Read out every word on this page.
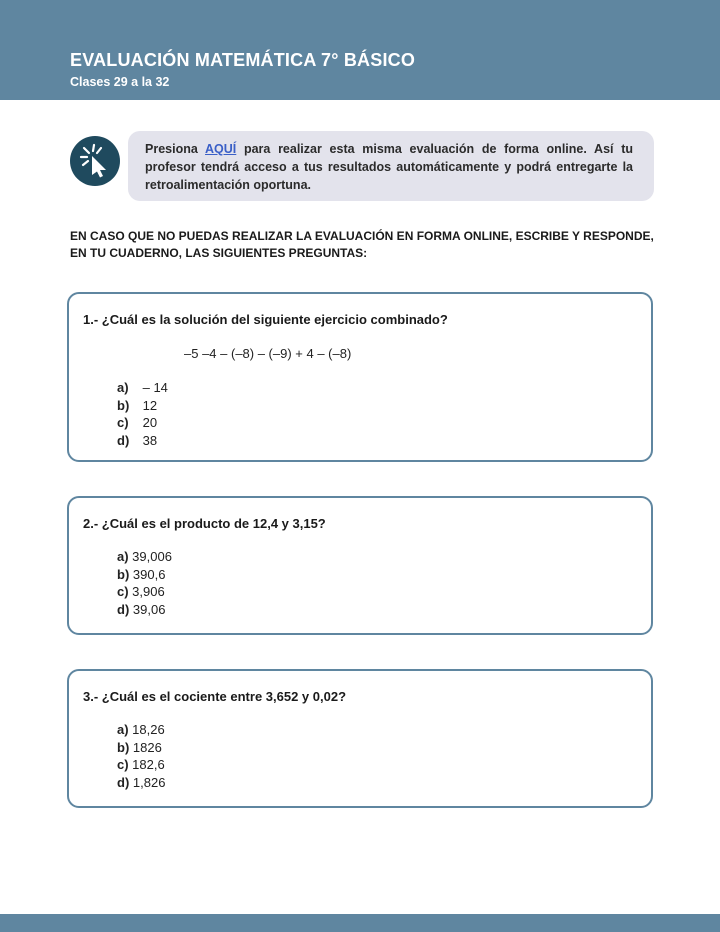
EVALUACIÓN MATEMÁTICA 7° BÁSICO
Clases 29 a la 32
Presiona AQUÍ para realizar esta misma evaluación de forma online. Así tu profesor tendrá acceso a tus resultados automáticamente y podrá entregarte la retroalimentación oportuna.
EN CASO QUE NO PUEDAS REALIZAR LA EVALUACIÓN EN FORMA ONLINE, ESCRIBE Y RESPONDE, EN TU CUADERNO, LAS SIGUIENTES PREGUNTAS:
1.- ¿Cuál es la solución del siguiente ejercicio combinado?
–5 –4 – (–8) – (–9) + 4 – (–8)
a) – 14
b) 12
c) 20
d) 38
2.- ¿Cuál es el producto de 12,4 y 3,15?
a) 39,006
b) 390,6
c) 3,906
d) 39,06
3.- ¿Cuál es el cociente entre 3,652 y 0,02?
a) 18,26
b) 1826
c) 182,6
d) 1,826
